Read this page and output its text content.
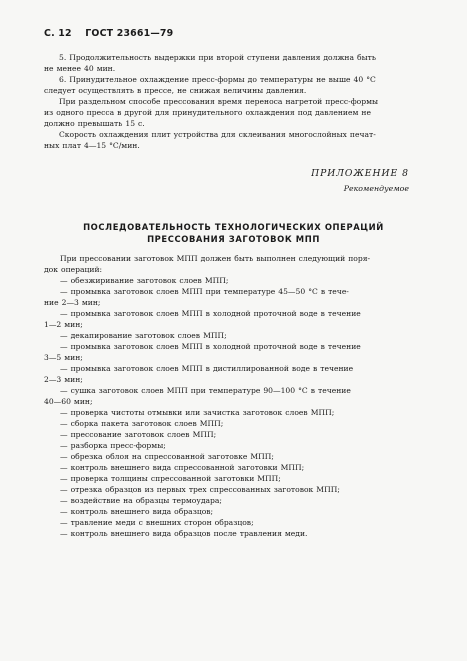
С. 12 ГОСТ 23661—79
5. Продолжительность выдержки при второй ступени давления должна быть
не менее 40 мин.
6. Принудительное охлаждение пресс-формы до температуры не выше 40 °С
следует осуществлять в прессе, не снижая величины давления.
При раздельном способе прессования время переноса нагретой пресс-формы
из одного пресса в другой для принудительного охлаждения под давлением не
должно превышать 15 с.
Скорость охлаждения плит устройства для склеивания многослойных печат-
ных плат 4—15 °С/мин.
ПРИЛОЖЕНИЕ 8
Рекомендуемое
ПОСЛЕДОВАТЕЛЬНОСТЬ ТЕХНОЛОГИЧЕСКИХ ОПЕРАЦИЙ
ПРЕССОВАНИЯ ЗАГОТОВОК МПП
При прессовании заготовок МПП должен быть выполнен следующий поря-
док операций:
— обезжиривание заготовок слоев МПП;
— промывка заготовок слоев МПП при температуре 45—50 °С в тече-
ние 2—3 мин;
— промывка заготовок слоев МПП в холодной проточной воде в течение
1—2 мин;
— декапирование заготовок слоев МПП;
— промывка заготовок слоев МПП в холодной проточной воде в течение
3—5 мин;
— промывка заготовок слоев МПП в дистиллированной воде в течение
2—3 мин;
— сушка заготовок слоев МПП при температуре 90—100 °С в течение
40—60 мин;
— проверка чистоты отмывки или зачистка заготовок слоев МПП;
— сборка пакета заготовок слоев МПП;
— прессование заготовок слоев МПП;
— разборка пресс-формы;
— обрезка облоя на спрессованной заготовке МПП;
— контроль внешнего вида спрессованной заготовки МПП;
— проверка толщины спрессованной заготовки МПП;
— отрезка образцов из первых трех спрессованных заготовок МПП;
— воздействие на образцы термоудара;
— контроль внешнего вида образцов;
— травление меди с внешних сторон образцов;
— контроль внешнего вида образцов после травления меди.
